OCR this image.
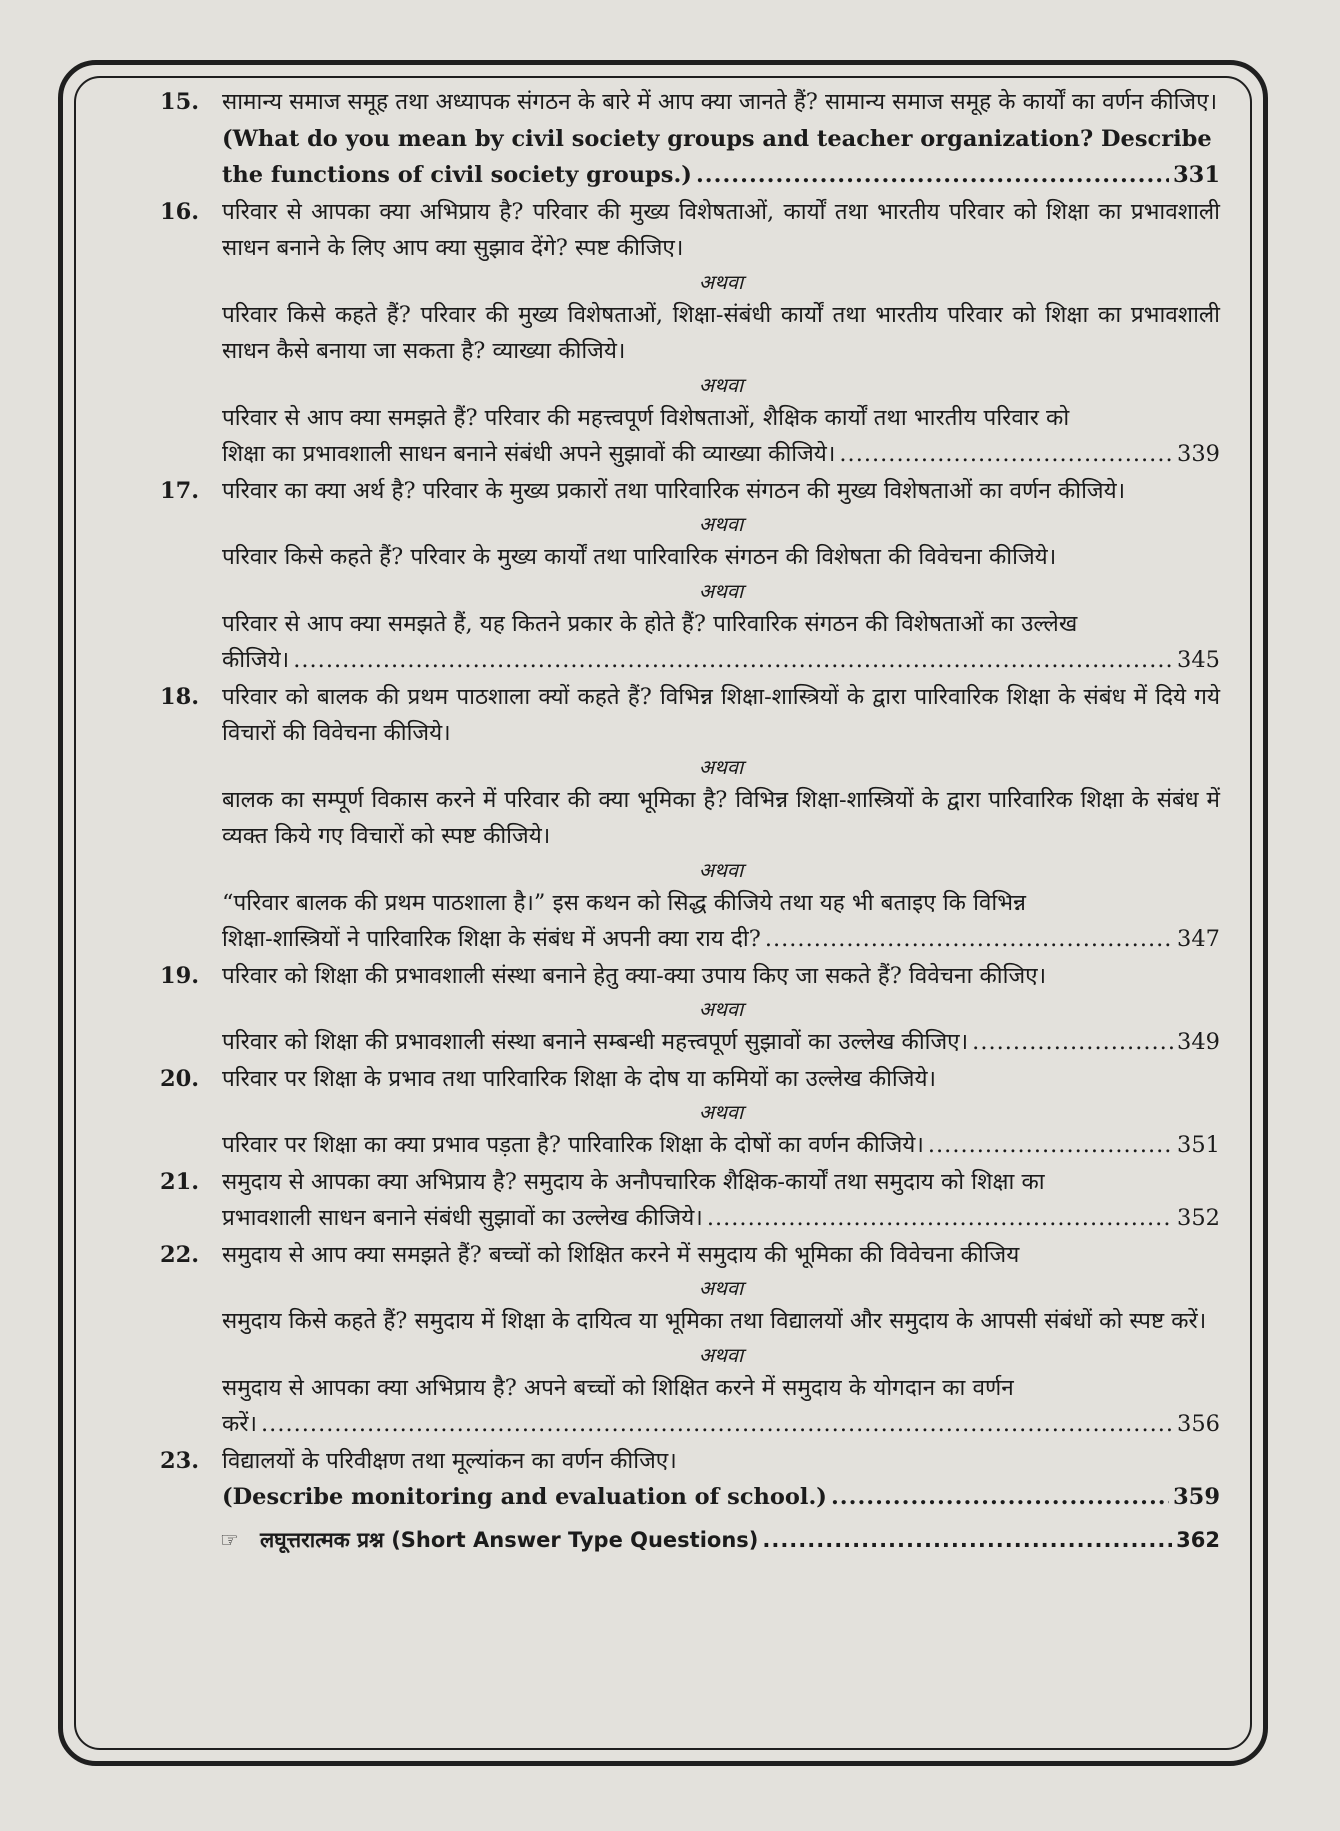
15. सामान्य समाज समूह तथा अध्यापक संगठन के बारे में आप क्या जानते हैं? सामान्य समाज समूह के कार्यों का वर्णन कीजिए।
(What do you mean by civil society groups and teacher organization? Describe
the functions of civil society groups.) .....	331
16. परिवार से आपका क्या अभिप्राय है? परिवार की मुख्य विशेषताओं, कार्यों तथा भारतीय परिवार को शिक्षा का प्रभावशाली साधन बनाने के लिए आप क्या सुझाव देंगे? स्पष्ट कीजिए।
अथवा
परिवार किसे कहते हैं? परिवार की मुख्य विशेषताओं, शिक्षा-संबंधी कार्यों तथा भारतीय परिवार को शिक्षा का प्रभावशाली साधन कैसे बनाया जा सकता है? व्याख्या कीजिये।
अथवा
परिवार से आप क्या समझते हैं? परिवार की महत्त्वपूर्ण विशेषताओं, शैक्षिक कार्यों तथा भारतीय परिवार को
शिक्षा का प्रभावशाली साधन बनाने संबंधी अपने सुझावों की व्याख्या कीजिये। .....	339
17. परिवार का क्या अर्थ है? परिवार के मुख्य प्रकारों तथा पारिवारिक संगठन की मुख्य विशेषताओं का वर्णन कीजिये।
अथवा
परिवार किसे कहते हैं? परिवार के मुख्य कार्यों तथा पारिवारिक संगठन की विशेषता की विवेचना कीजिये।
अथवा
परिवार से आप क्या समझते हैं, यह कितने प्रकार के होते हैं? पारिवारिक संगठन की विशेषताओं का उल्लेख
कीजिये। .....	345
18. परिवार को बालक की प्रथम पाठशाला क्यों कहते हैं? विभिन्न शिक्षा-शास्त्रियों के द्वारा पारिवारिक शिक्षा के संबंध में दिये गये विचारों की विवेचना कीजिये।
अथवा
बालक का सम्पूर्ण विकास करने में परिवार की क्या भूमिका है? विभिन्न शिक्षा-शास्त्रियों के द्वारा पारिवारिक शिक्षा के संबंध में व्यक्त किये गए विचारों को स्पष्ट कीजिये।
अथवा
“परिवार बालक की प्रथम पाठशाला है।” इस कथन को सिद्ध कीजिये तथा यह भी बताइए कि विभिन्न
शिक्षा-शास्त्रियों ने पारिवारिक शिक्षा के संबंध में अपनी क्या राय दी? .....	347
19. परिवार को शिक्षा की प्रभावशाली संस्था बनाने हेतु क्या-क्या उपाय किए जा सकते हैं? विवेचना कीजिए।
अथवा
परिवार को शिक्षा की प्रभावशाली संस्था बनाने सम्बन्धी महत्त्वपूर्ण सुझावों का उल्लेख कीजिए। .....	349
20. परिवार पर शिक्षा के प्रभाव तथा पारिवारिक शिक्षा के दोष या कमियों का उल्लेख कीजिये।
अथवा
परिवार पर शिक्षा का क्या प्रभाव पड़ता है? पारिवारिक शिक्षा के दोषों का वर्णन कीजिये। .....	351
21. समुदाय से आपका क्या अभिप्राय है? समुदाय के अनौपचारिक शैक्षिक-कार्यों तथा समुदाय को शिक्षा का
प्रभावशाली साधन बनाने संबंधी सुझावों का उल्लेख कीजिये। .....	352
22. समुदाय से आप क्या समझते हैं? बच्चों को शिक्षित करने में समुदाय की भूमिका की विवेचना कीजिय
अथवा
समुदाय किसे कहते हैं? समुदाय में शिक्षा के दायित्व या भूमिका तथा विद्यालयों और समुदाय के आपसी संबंधों को स्पष्ट करें।
अथवा
समुदाय से आपका क्या अभिप्राय है? अपने बच्चों को शिक्षित करने में समुदाय के योगदान का वर्णन
करें। .....	356
23. विद्यालयों के परिवीक्षण तथा मूल्यांकन का वर्णन कीजिए।
(Describe monitoring and evaluation of school.) .....	359
☞ लघूत्तरात्मक प्रश्न (Short Answer Type Questions) .....	362
